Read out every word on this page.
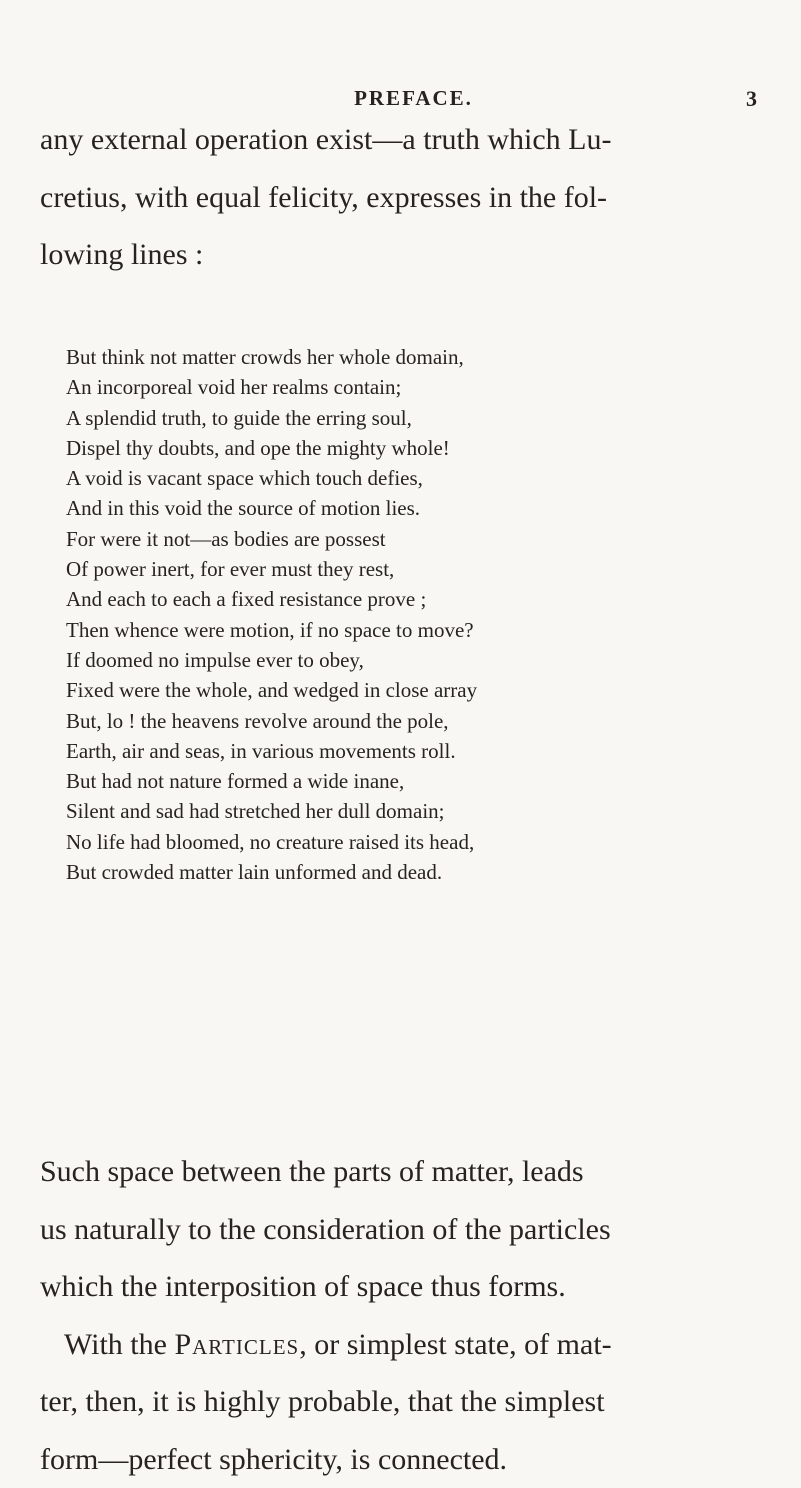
PREFACE.	3

any external operation exist—a truth which Lu-
cretius, with equal felicity, expresses in the fol-
lowing lines :

But think not matter crowds her whole domain,
An incorporeal void her realms contain;
A splendid truth, to guide the erring soul,
Dispel thy doubts, and ope the mighty whole!
A void is vacant space which touch defies,
And in this void the source of motion lies.
For were it not—as bodies are possest
Of power inert, for ever must they rest,
And each to each a fixed resistance prove ;
Then whence were motion, if no space to move?
If doomed no impulse ever to obey,
Fixed were the whole, and wedged in close array
But, lo ! the heavens revolve around the pole,
Earth, air and seas, in various movements roll.
But had not nature formed a wide inane,
Silent and sad had stretched her dull domain;
No life had bloomed, no creature raised its head,
But crowded matter lain unformed and dead.

Such space between the parts of matter, leads
us naturally to the consideration of the particles
which the interposition of space thus forms.
With the Particles, or simplest state, of mat-
ter, then, it is highly probable, that the simplest
form—perfect sphericity, is connected.
